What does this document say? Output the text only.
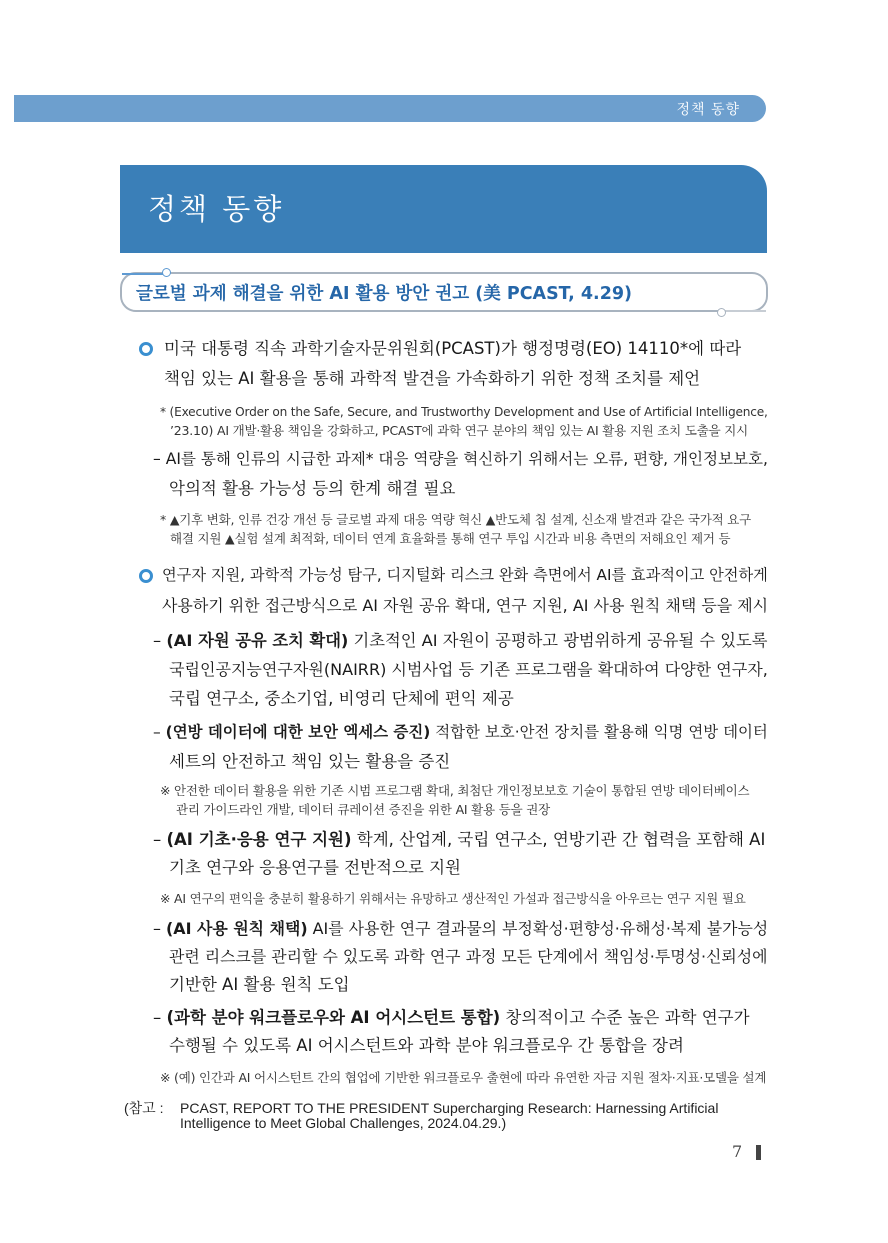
정책 동향
정책 동향
글로벌 과제 해결을 위한 AI 활용 방안 권고 (美 PCAST, 4.29)
미국 대통령 직속 과학기술자문위원회(PCAST)가 행정명령(EO) 14110*에 따라
책임 있는 AI 활용을 통해 과학적 발견을 가속화하기 위한 정책 조치를 제언
* (Executive Order on the Safe, Secure, and Trustworthy Development and Use of Artificial Intelligence,
’23.10) AI 개발·활용 책임을 강화하고, PCAST에 과학 연구 분야의 책임 있는 AI 활용 지원 조치 도출을 지시
– AI를 통해 인류의 시급한 과제* 대응 역량을 혁신하기 위해서는 오류, 편향, 개인정보보호,
악의적 활용 가능성 등의 한계 해결 필요
* ▲기후 변화, 인류 건강 개선 등 글로벌 과제 대응 역량 혁신 ▲반도체 칩 설계, 신소재 발견과 같은 국가적 요구
해결 지원 ▲실험 설계 최적화, 데이터 연계 효율화를 통해 연구 투입 시간과 비용 측면의 저해요인 제거 등
연구자 지원, 과학적 가능성 탐구, 디지털화 리스크 완화 측면에서 AI를 효과적이고 안전하게
사용하기 위한 접근방식으로 AI 자원 공유 확대, 연구 지원, AI 사용 원칙 채택 등을 제시
– (AI 자원 공유 조치 확대) 기초적인 AI 자원이 공평하고 광범위하게 공유될 수 있도록
국립인공지능연구자원(NAIRR) 시범사업 등 기존 프로그램을 확대하여 다양한 연구자,
국립 연구소, 중소기업, 비영리 단체에 편익 제공
– (연방 데이터에 대한 보안 엑세스 증진) 적합한 보호·안전 장치를 활용해 익명 연방 데이터
세트의 안전하고 책임 있는 활용을 증진
※ 안전한 데이터 활용을 위한 기존 시범 프로그램 확대, 최첨단 개인정보보호 기술이 통합된 연방 데이터베이스
관리 가이드라인 개발, 데이터 큐레이션 증진을 위한 AI 활용 등을 권장
– (AI 기초·응용 연구 지원) 학계, 산업계, 국립 연구소, 연방기관 간 협력을 포함해 AI
기초 연구와 응용연구를 전반적으로 지원
※ AI 연구의 편익을 충분히 활용하기 위해서는 유망하고 생산적인 가설과 접근방식을 아우르는 연구 지원 필요
– (AI 사용 원칙 채택) AI를 사용한 연구 결과물의 부정확성·편향성·유해성·복제 불가능성
관련 리스크를 관리할 수 있도록 과학 연구 과정 모든 단계에서 책임성·투명성·신뢰성에
기반한 AI 활용 원칙 도입
– (과학 분야 워크플로우와 AI 어시스턴트 통합) 창의적이고 수준 높은 과학 연구가
수행될 수 있도록 AI 어시스턴트와 과학 분야 워크플로우 간 통합을 장려
※ (예) 인간과 AI 어시스턴트 간의 협업에 기반한 워크플로우 출현에 따라 유연한 자금 지원 절차·지표·모델을 설계
(참고 : PCAST, REPORT TO THE PRESIDENT Supercharging Research: Harnessing Artificial
Intelligence to Meet Global Challenges, 2024.04.29.)
7
